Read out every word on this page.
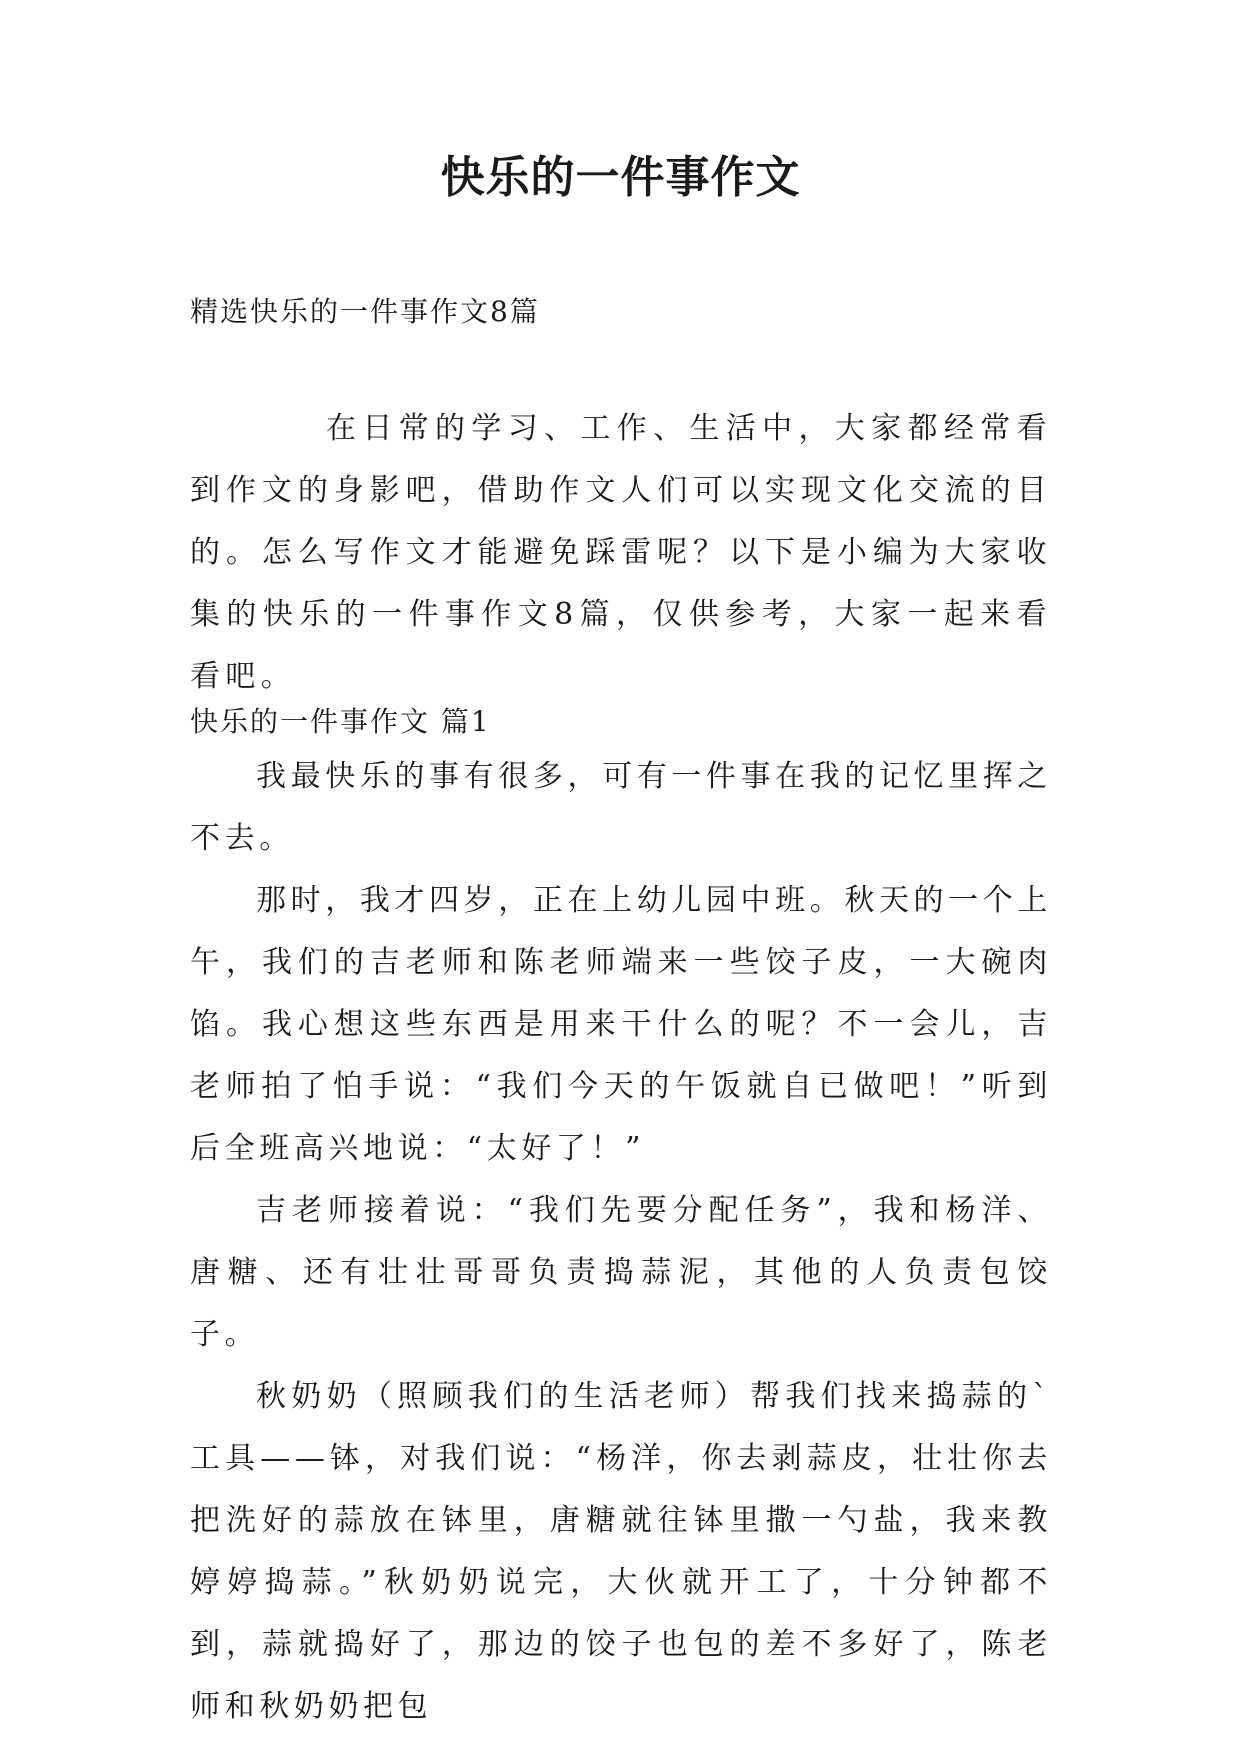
快乐的一件事作文

精选快乐的一件事作文8篇

在日常的学习、工作、生活中，大家都经常看到作文的身影吧，借助作文人们可以实现文化交流的目的。怎么写作文才能避免踩雷呢？以下是小编为大家收集的快乐的一件事作文8篇，仅供参考，大家一起来看看吧。

快乐的一件事作文 篇1

我最快乐的事有很多，可有一件事在我的记忆里挥之不去。

那时，我才四岁，正在上幼儿园中班。秋天的一个上午，我们的吉老师和陈老师端来一些饺子皮，一大碗肉馅。我心想这些东西是用来干什么的呢？不一会儿，吉老师拍了怕手说：“我们今天的午饭就自已做吧！”听到后全班高兴地说：“太好了！”

吉老师接着说：“我们先要分配任务”，我和杨洋、唐糖、还有壮壮哥哥负责捣蒜泥，其他的人负责包饺子。

秋奶奶（照顾我们的生活老师）帮我们找来捣蒜的`工具——钵，对我们说：“杨洋，你去剥蒜皮，壮壮你去把洗好的蒜放在钵里，唐糖就往钵里撒一勺盐，我来教婷婷捣蒜。”秋奶奶说完，大伙就开工了，十分钟都不到，蒜就捣好了，那边的饺子也包的差不多好了，陈老师和秋奶奶把包
